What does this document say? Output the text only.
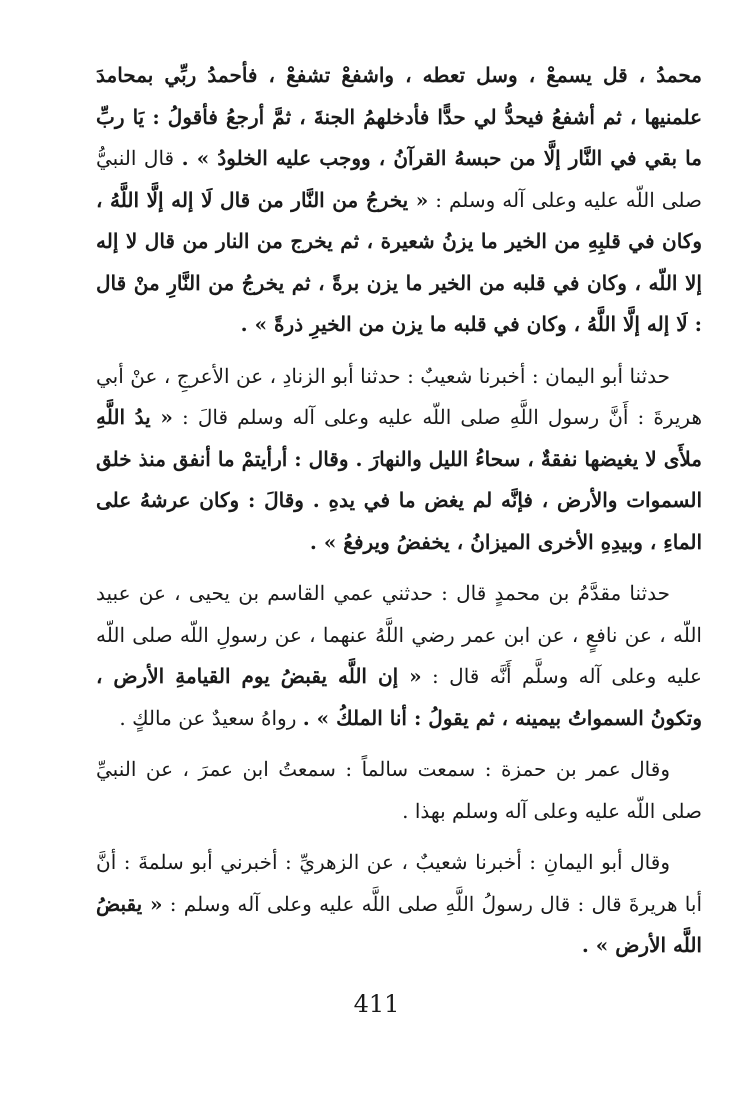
محمدُ ، قل يسمعْ ، وسل تعطه ، واشفعْ تشفعْ ، فأحمدُ ربِّي بمحامدَ علمنيها ، ثم أشفعُ فيحدُّ لي حدًّا فأدخلهمُ الجنةَ ، ثمَّ أرجعُ فأقولُ : يَا ربِّ ما بقي في النَّار إلَّا من حبسهُ القرآنُ ، ووجب عليه الخلودُ » . قال النبيُّ صلى اللّه عليه وعلى آله وسلم : « يخرجُ من النَّار من قال لَا إله إلَّا اللَّهُ ، وكان في قلبِهِ من الخير ما يزنُ شعيرة ، ثم يخرج من النار من قال لا إله إلا اللّه ، وكان في قلبه من الخير ما يزن برةً ، ثم يخرجُ من النَّارِ منْ قال : لَا إله إلَّا اللَّهُ ، وكان في قلبه ما يزن من الخيرِ ذرةً » .

حدثنا أبو اليمان : أخبرنا شعيبٌ : حدثنا أبو الزنادِ ، عن الأعرجِ ، عنْ أبي هريرةَ : أَنَّ رسول اللَّهِ صلى اللّه عليه وعلى آله وسلم قالَ : « يدُ اللَّهِ ملأَى لا يغيضها نفقةٌ ، سحاءُ الليل والنهارَ . وقال : أرأيتمْ ما أنفق منذ خلق السموات والأرض ، فإنَّه لم يغض ما في يدهِ . وقالَ : وكان عرشهُ على الماءِ ، وبيدِهِ الأخرى الميزانُ ، يخفضُ ويرفعُ » .

حدثنا مقدَّمُ بن محمدٍ قال : حدثني عمي القاسم بن يحيى ، عن عبيد اللّه ، عن نافعٍ ، عن ابن عمر رضي اللَّهُ عنهما ، عن رسولِ اللّه صلى اللّه عليه وعلى آله وسلَّم أَنَّه قال : « إن اللَّه يقبضُ يوم القيامةِ الأرض ، وتكونُ السمواتُ بيمينه ، ثم يقولُ : أنا الملكُ » . رواهُ سعيدٌ عن مالكٍ .

وقال عمر بن حمزة : سمعت سالماً : سمعتُ ابن عمرَ ، عن النبيِّ صلى اللّه عليه وعلى آله وسلم بهذا .

وقال أبو اليمانِ : أخبرنا شعيبٌ ، عن الزهريِّ : أخبرني أبو سلمةَ : أنَّ أبا هريرةَ قال : قال رسولُ اللَّهِ صلى اللَّه عليه وعلى آله وسلم : « يقبضُ اللَّه الأرض » .

411
